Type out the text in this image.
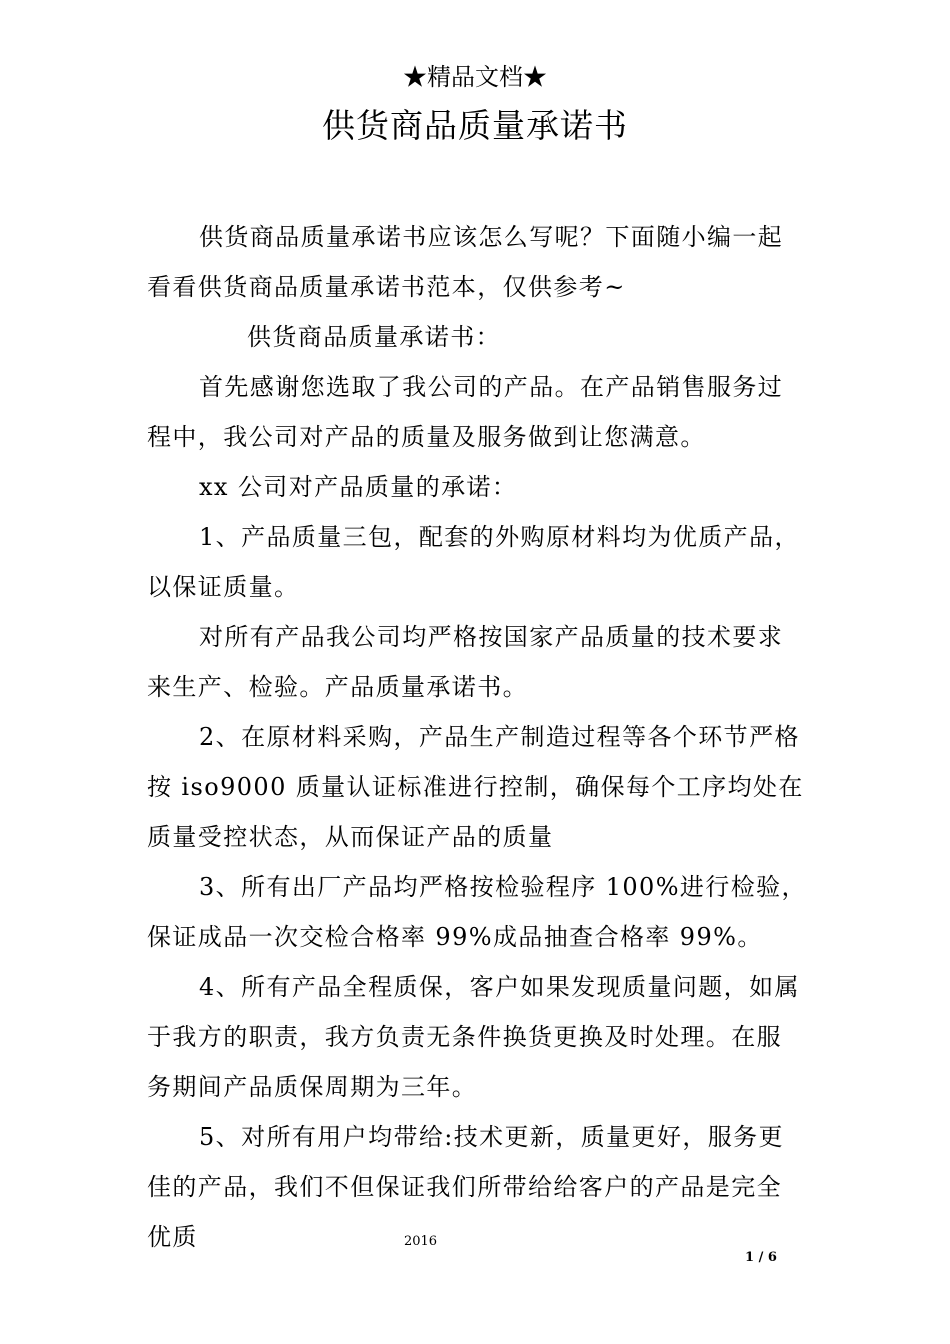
★精品文档★
供货商品质量承诺书

供货商品质量承诺书应该怎么写呢？下面随小编一起看看供货商品质量承诺书范本，仅供参考~

供货商品质量承诺书：

首先感谢您选取了我公司的产品。在产品销售服务过程中，我公司对产品的质量及服务做到让您满意。

xx 公司对产品质量的承诺：

1、产品质量三包，配套的外购原材料均为优质产品，以保证质量。

对所有产品我公司均严格按国家产品质量的技术要求来生产、检验。产品质量承诺书。

2、在原材料采购，产品生产制造过程等各个环节严格按 iso9000 质量认证标准进行控制，确保每个工序均处在质量受控状态，从而保证产品的质量

3、所有出厂产品均严格按检验程序 100%进行检验，保证成品一次交检合格率 99%成品抽查合格率 99%。

4、所有产品全程质保，客户如果发现质量问题，如属于我方的职责，我方负责无条件换货更换及时处理。在服务期间产品质保周期为三年。

5、对所有用户均带给:技术更新，质量更好，服务更佳的产品，我们不但保证我们所带给给客户的产品是完全优质	2016
1 / 6
